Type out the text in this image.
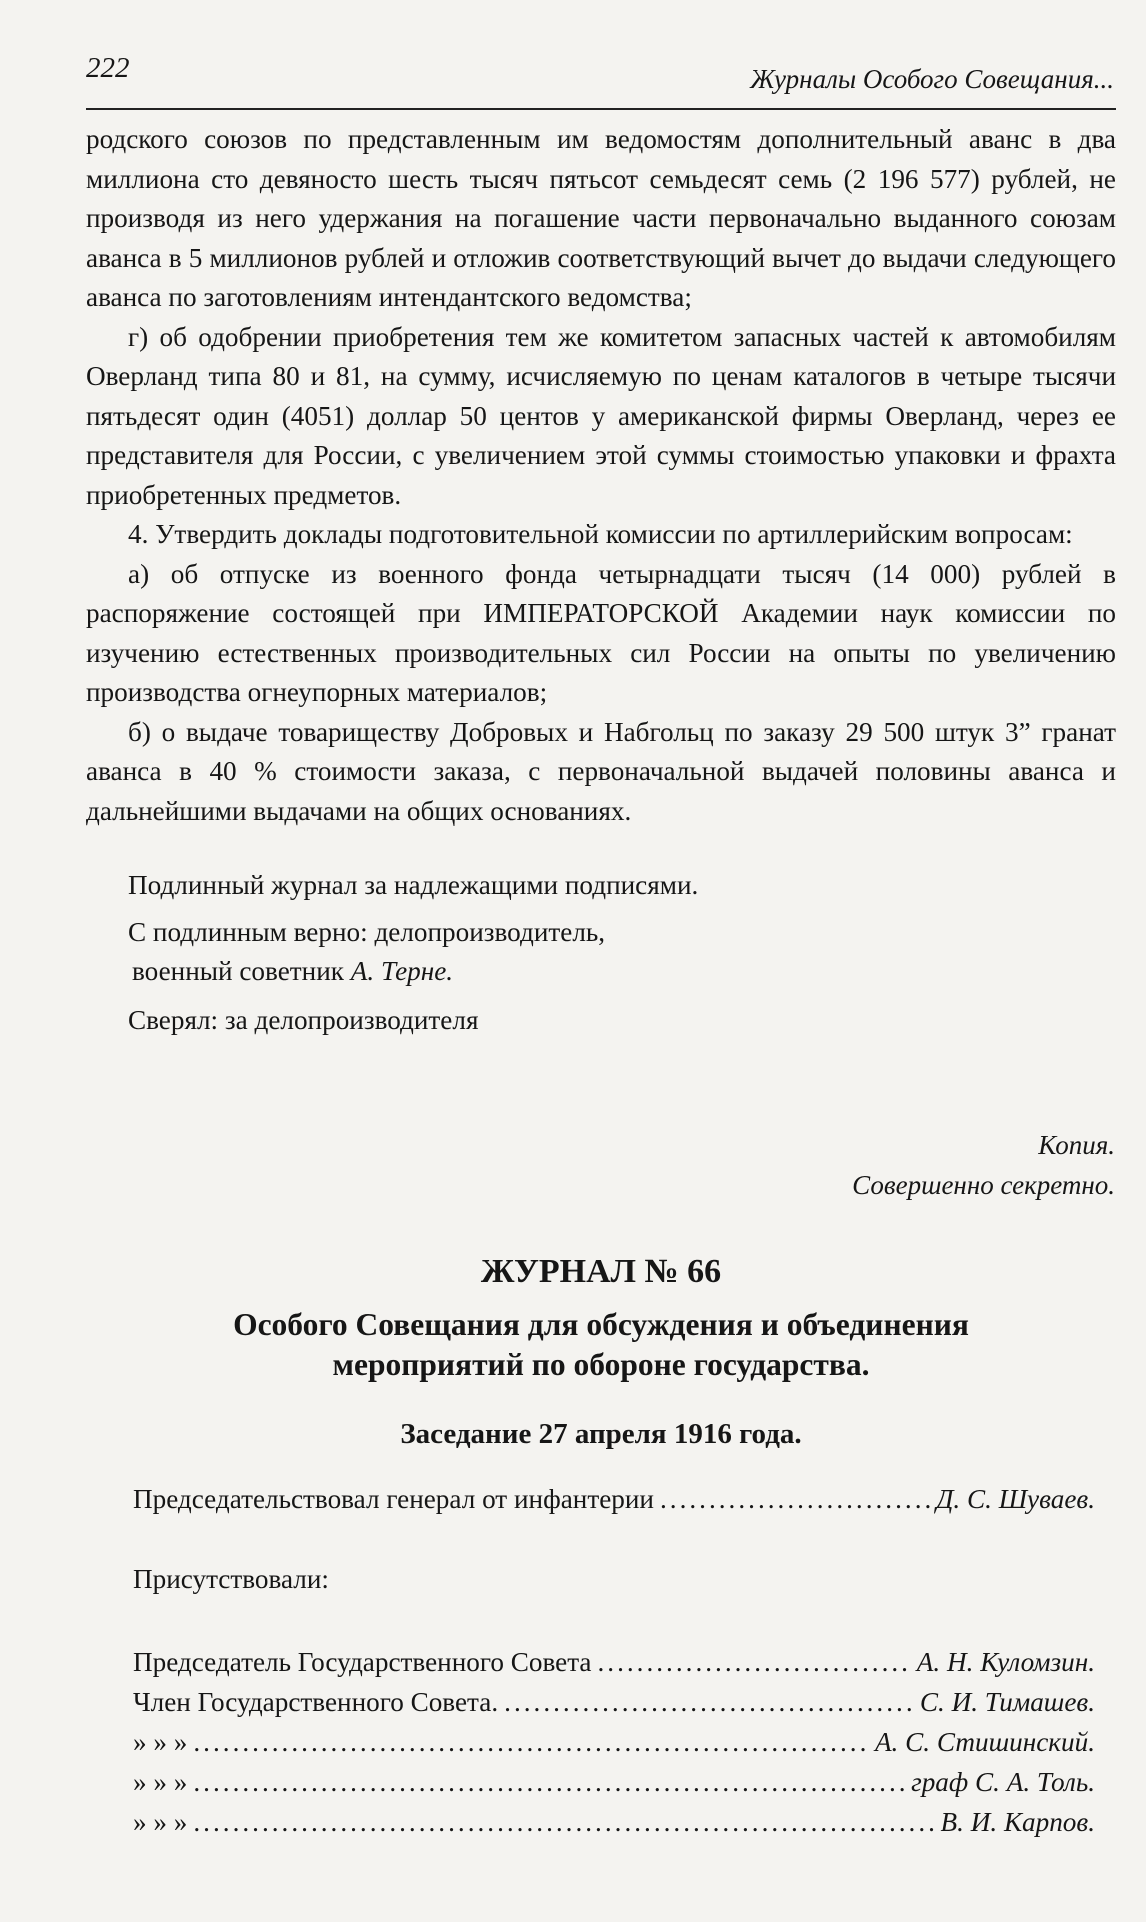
222	Журналы Особого Совещания...

родского союзов по представленным им ведомостям дополнительный аванс в два миллиона сто девяносто шесть тысяч пятьсот семьдесят семь (2 196 577) рублей, не производя из него удержания на погашение части первоначально выданного союзам аванса в 5 миллионов рублей и отложив соответствующий вычет до выдачи следующего аванса по заготовлениям интендантского ведомства;

г) об одобрении приобретения тем же комитетом запасных частей к автомобилям Оверланд типа 80 и 81, на сумму, исчисляемую по ценам каталогов в четыре тысячи пятьдесят один (4051) доллар 50 центов у американской фирмы Оверланд, через ее представителя для России, с увеличением этой суммы стоимостью упаковки и фрахта приобретенных предметов.

4. Утвердить доклады подготовительной комиссии по артиллерийским вопросам:

а) об отпуске из военного фонда четырнадцати тысяч (14 000) рублей в распоряжение состоящей при ИМПЕРАТОРСКОЙ Академии наук комиссии по изучению естественных производительных сил России на опыты по увеличению производства огнеупорных материалов;

б) о выдаче товариществу Добровых и Набгольц по заказу 29 500 штук 3” гранат аванса в 40 % стоимости заказа, с первоначальной выдачей половины аванса и дальнейшими выдачами на общих основаниях.

Подлинный журнал за надлежащими подписями.
С подлинным верно: делопроизводитель,
военный советник А. Терне.
Сверял: за делопроизводителя
Копия.
Совершенно секретно.
ЖУРНАЛ № 66
Особого Совещания для обсуждения и объединения
мероприятий по обороне государства.
Заседание 27 апреля 1916 года.
Председательствовал генерал от инфантерии .....	Д. С. Шуваев.
Присутствовали:
Председатель Государственного Совета .....	А. Н. Куломзин.
Член Государственного Совета. .....	С. И. Тимашев.
» » » .....	А. С. Стишинский.
» » » .....	граф С. А. Толь.
» » » .....	В. И. Карпов.
